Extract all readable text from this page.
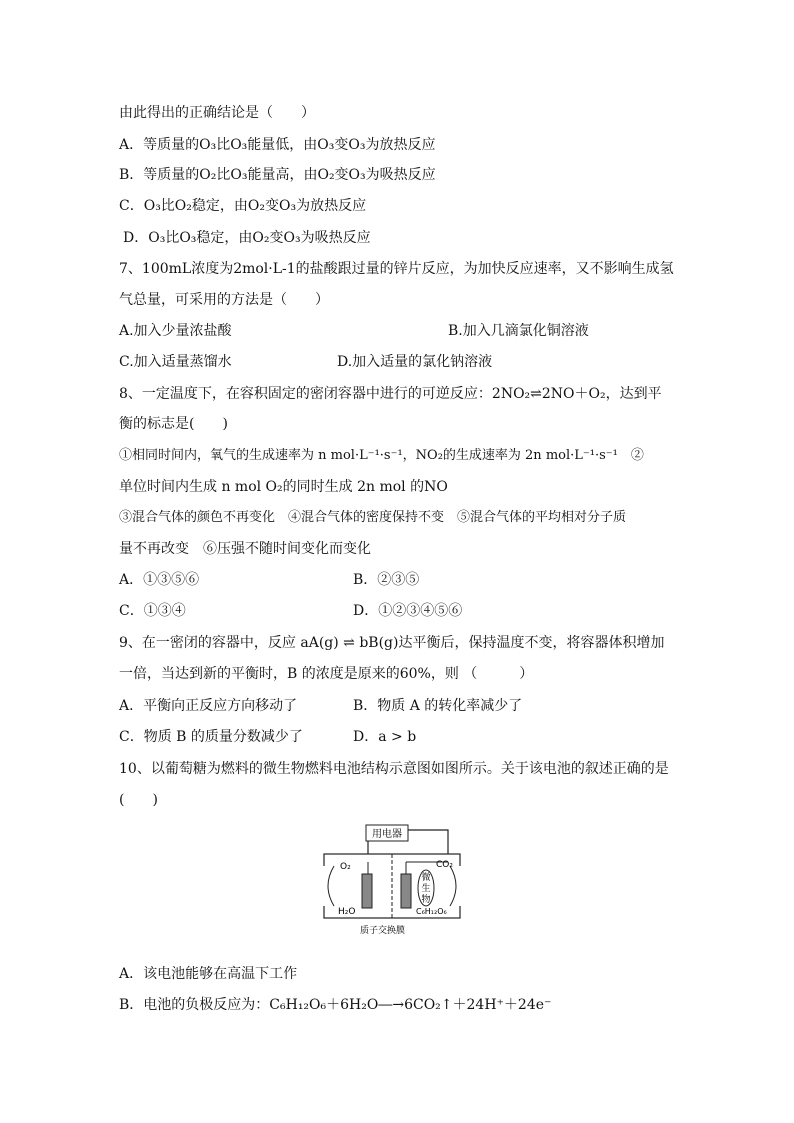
由此得出的正确结论是（　　）
A．等质量的O₃比O₃能量低，由O₃变O₃为放热反应
B．等质量的O₂比O₃能量高，由O₂变O₃为吸热反应
C．O₃比O₂稳定，由O₂变O₃为放热反应
D．O₃比O₃稳定，由O₂变O₃为吸热反应
7、100mL浓度为2mol·L-1的盐酸跟过量的锌片反应，为加快反应速率，又不影响生成氢
气总量，可采用的方法是（　　）
A.加入少量浓盐酸	B.加入几滴氯化铜溶液
C.加入适量蒸馏水	D.加入适量的氯化钠溶液
8、一定温度下，在容积固定的密闭容器中进行的可逆反应：2NO₂⇌2NO＋O₂，达到平
衡的标志是(　　)
①相同时间内，氧气的生成速率为 n mol·L⁻¹·s⁻¹，NO₂的生成速率为 2n mol·L⁻¹·s⁻¹　②
单位时间内生成 n mol O₂的同时生成 2n mol 的NO
③混合气体的颜色不再变化　④混合气体的密度保持不变　⑤混合气体的平均相对分子质
量不再改变　⑥压强不随时间变化而变化
A．①③⑤⑥	B．②③⑤
C．①③④	D．①②③④⑤⑥
9、在一密闭的容器中，反应 aA(g) ⇌ bB(g)达平衡后，保持温度不变，将容器体积增加
一倍，当达到新的平衡时，B 的浓度是原来的60%，则 （　　　）
A．平衡向正反应方向移动了	B．物质 A 的转化率减少了
C．物质 B 的质量分数减少了	D．a > b
10、以葡萄糖为燃料的微生物燃料电池结构示意图如图所示。关于该电池的叙述正确的是
(　　)
用电器
微
生
物
O₂
H₂O
CO₂
C₆H₁₂O₆
质子交换膜
A．该电池能够在高温下工作
B．电池的负极反应为：C₆H₁₂O₆＋6H₂O―→6CO₂↑＋24H⁺＋24e⁻
